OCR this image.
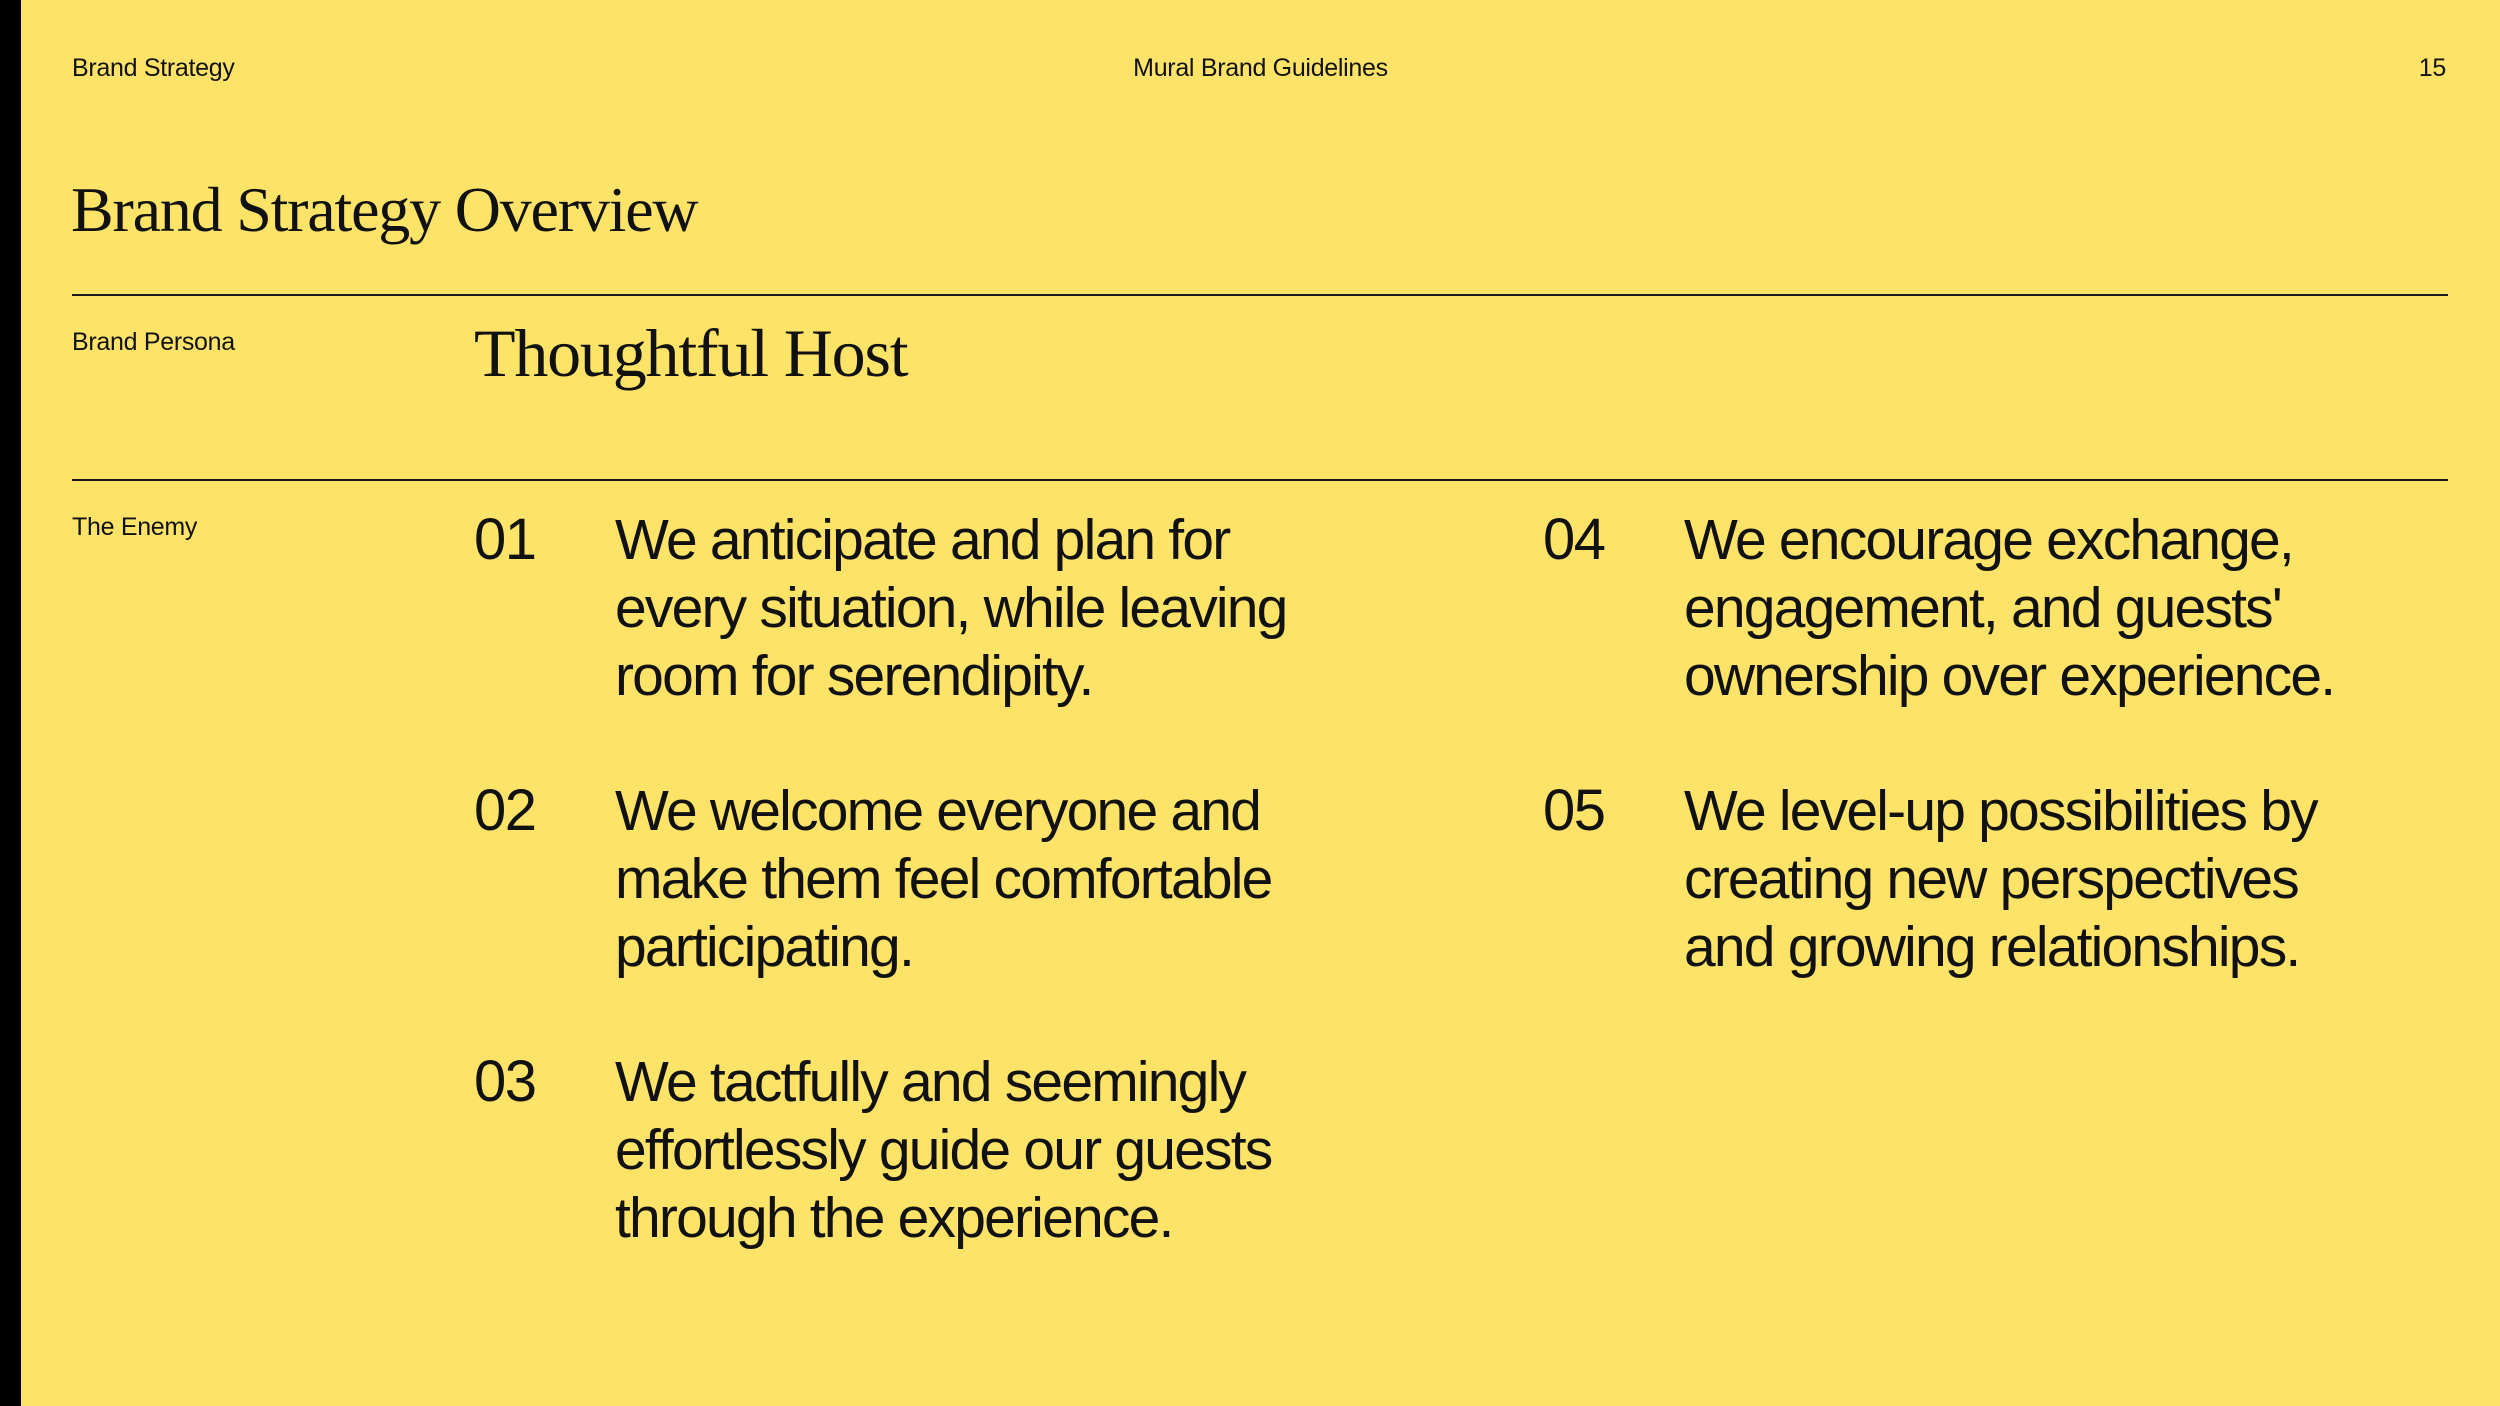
Brand Strategy	Mural Brand Guidelines	15
Brand Strategy Overview
Brand Persona	Thoughtful Host
The Enemy	01 We anticipate and plan for every situation, while leaving room for serendipity.
02 We welcome everyone and make them feel comfortable participating.
03 We tactfully and seemingly effortlessly guide our guests through the experience.
04 We encourage exchange, engagement, and guests' ownership over experience.
05 We level-up possibilities by creating new perspectives and growing relationships.
